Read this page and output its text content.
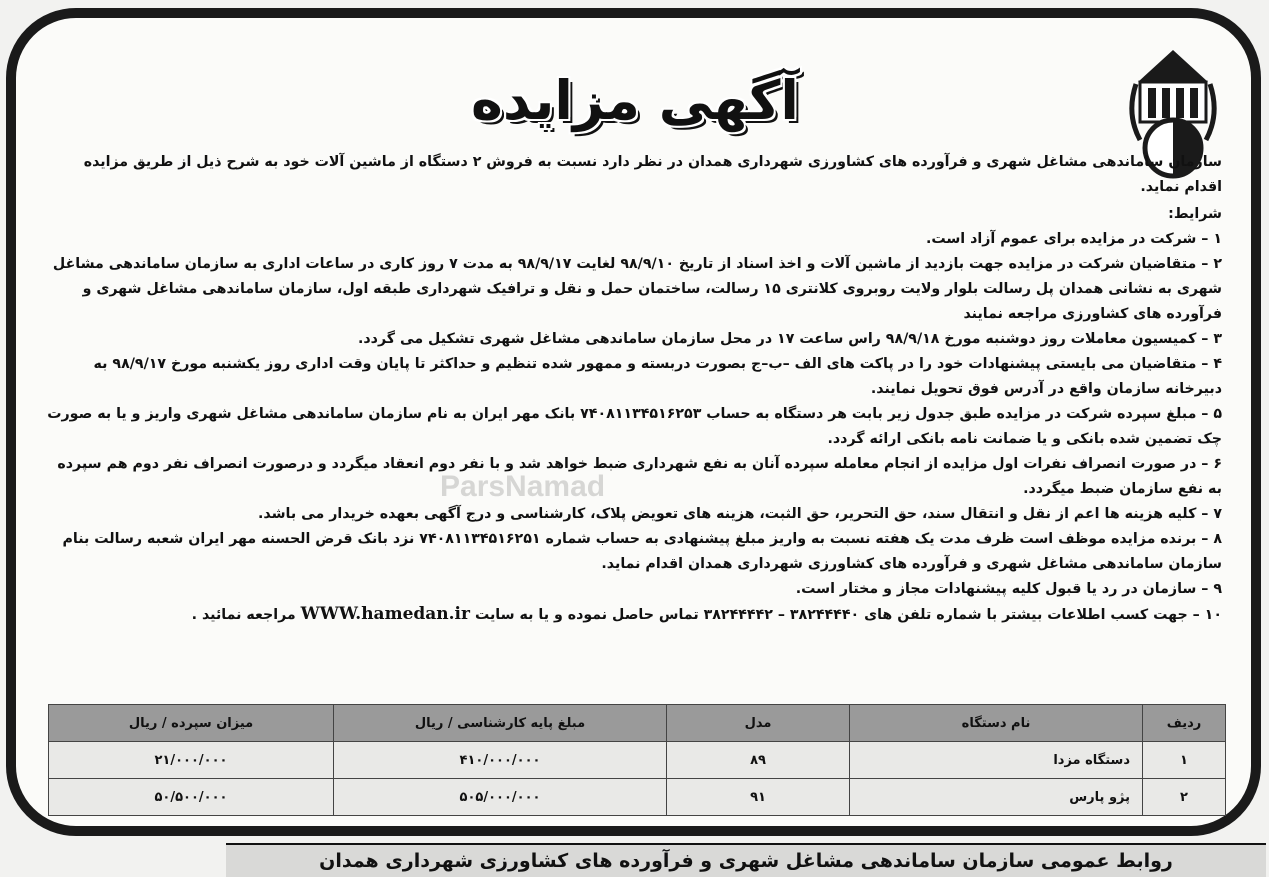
آگهی مزایده
ParsNamad

سازمان ساماندهی مشاغل شهری و فرآورده های کشاورزی شهرداری همدان در نظر دارد نسبت به فروش ۲ دستگاه از ماشین آلات خود به شرح ذیل از طریق مزایده اقدام نماید.

شرایط:

۱ – شرکت در مزایده برای عموم آزاد است.

۲ – متقاضیان شرکت در مزایده جهت بازدید از ماشین آلات و اخذ اسناد از تاریخ ۹۸/۹/۱۰ لغایت ۹۸/۹/۱۷ به مدت ۷ روز کاری در ساعات اداری به سازمان ساماندهی مشاغل شهری به نشانی همدان پل رسالت بلوار ولایت روبروی کلانتری ۱۵ رسالت، ساختمان حمل و نقل و ترافیک شهرداری طبقه اول، سازمان ساماندهی مشاغل شهری و فرآورده های کشاورزی مراجعه نمایند

۳ – کمیسیون معاملات روز دوشنبه مورخ ۹۸/۹/۱۸ راس ساعت ۱۷ در محل سازمان ساماندهی مشاغل شهری تشکیل می گردد.

۴ – متقاضیان می بایستی پیشنهادات خود را در پاکت های الف –ب–ج بصورت دربسته و ممهور شده تنظیم و حداکثر تا پایان وقت اداری روز یکشنبه مورخ ۹۸/۹/۱۷ به دبیرخانه سازمان واقع در آدرس فوق تحویل نمایند.

۵ – مبلغ سپرده شرکت در مزایده طبق جدول زیر بابت هر دستگاه به حساب ۷۴۰۸۱۱۳۴۵۱۶۲۵۳ بانک مهر ایران به نام سازمان ساماندهی مشاغل شهری واریز و یا به صورت چک تضمین شده بانکی و یا ضمانت نامه بانکی ارائه گردد.

۶ – در صورت انصراف نفرات اول مزایده از انجام معامله سپرده آنان به نفع شهرداری ضبط خواهد شد و با نفر دوم انعقاد میگردد و درصورت انصراف نفر دوم هم سپرده به نفع سازمان ضبط میگردد.

۷ – کلیه هزینه ها اعم از نقل و انتقال سند، حق التحریر، حق الثبت، هزینه های تعویض پلاک، کارشناسی و درج آگهی بعهده خریدار می باشد.

۸ – برنده مزایده موظف است ظرف مدت یک هفته نسبت به واریز مبلغ پیشنهادی به حساب شماره ۷۴۰۸۱۱۳۴۵۱۶۲۵۱ نزد بانک قرض الحسنه مهر ایران شعبه رسالت بنام سازمان ساماندهی مشاغل شهری و فرآورده های کشاورزی شهرداری همدان اقدام نماید.

۹ – سازمان در رد یا قبول کلیه پیشنهادات مجاز و مختار است.

۱۰ – جهت کسب اطلاعات بیشتر با شماره تلفن های ۳۸۲۴۴۴۴۰ – ۳۸۲۴۴۴۴۲ تماس حاصل نموده و یا به سایت WWW.hamedan.ir مراجعه نمائید .

ردیف	نام دستگاه	مدل	مبلغ پایه کارشناسی / ریال	میزان سپرده / ریال
۱	دستگاه مزدا	۸۹	۴۱۰/۰۰۰/۰۰۰	۲۱/۰۰۰/۰۰۰
۲	پژو پارس	۹۱	۵۰۵/۰۰۰/۰۰۰	۵۰/۵۰۰/۰۰۰
روابط عمومی سازمان ساماندهی مشاغل شهری و فرآورده های کشاورزی شهرداری همدان
